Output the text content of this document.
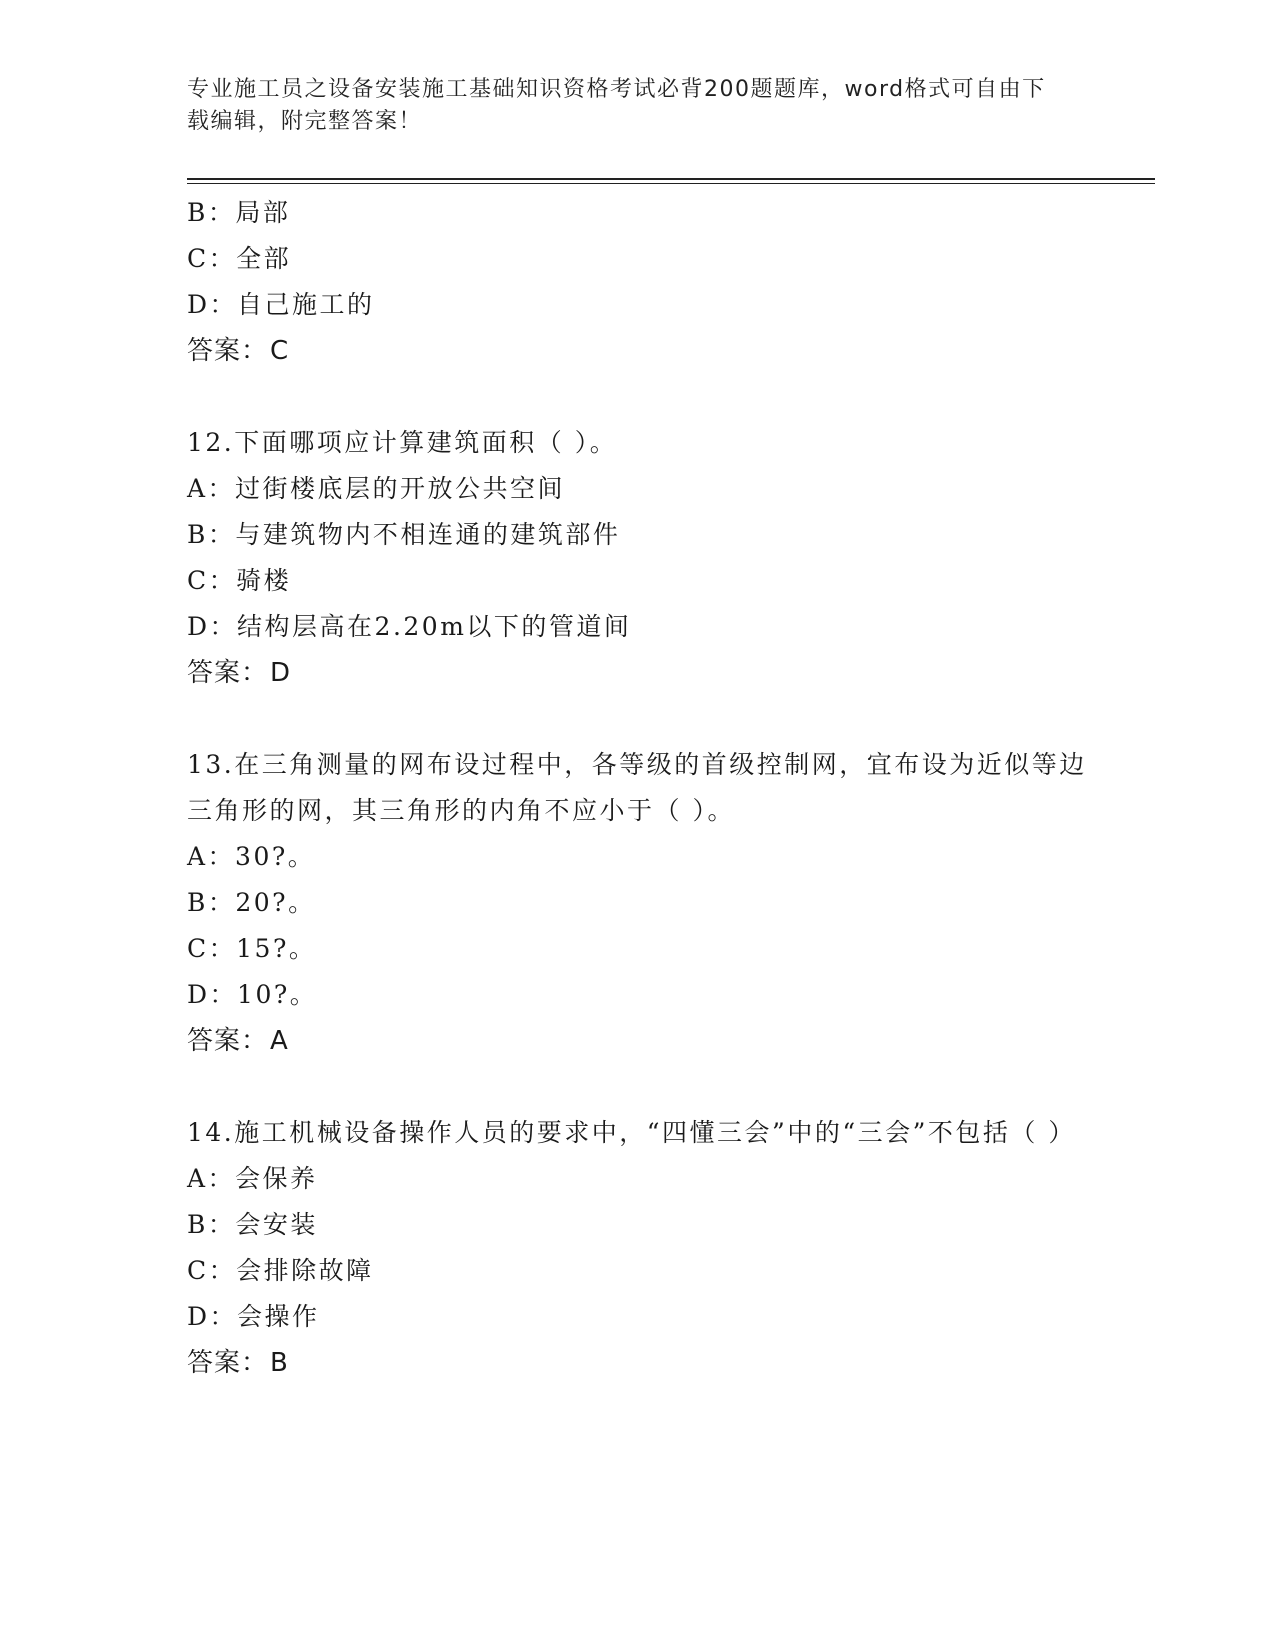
专业施工员之设备安装施工基础知识资格考试必背200题题库，word格式可自由下载编辑，附完整答案！
B：局部
C：全部
D：自己施工的
答案：C
12.下面哪项应计算建筑面积（ ）。
A：过街楼底层的开放公共空间
B：与建筑物内不相连通的建筑部件
C：骑楼
D：结构层高在2.20m以下的管道间
答案：D
13.在三角测量的网布设过程中，各等级的首级控制网，宜布设为近似等边三角形的网，其三角形的内角不应小于（ ）。
A：30?。
B：20?。
C：15?。
D：10?。
答案：A
14.施工机械设备操作人员的要求中，“四懂三会”中的“三会”不包括（ ）
A：会保养
B：会安装
C：会排除故障
D：会操作
答案：B
